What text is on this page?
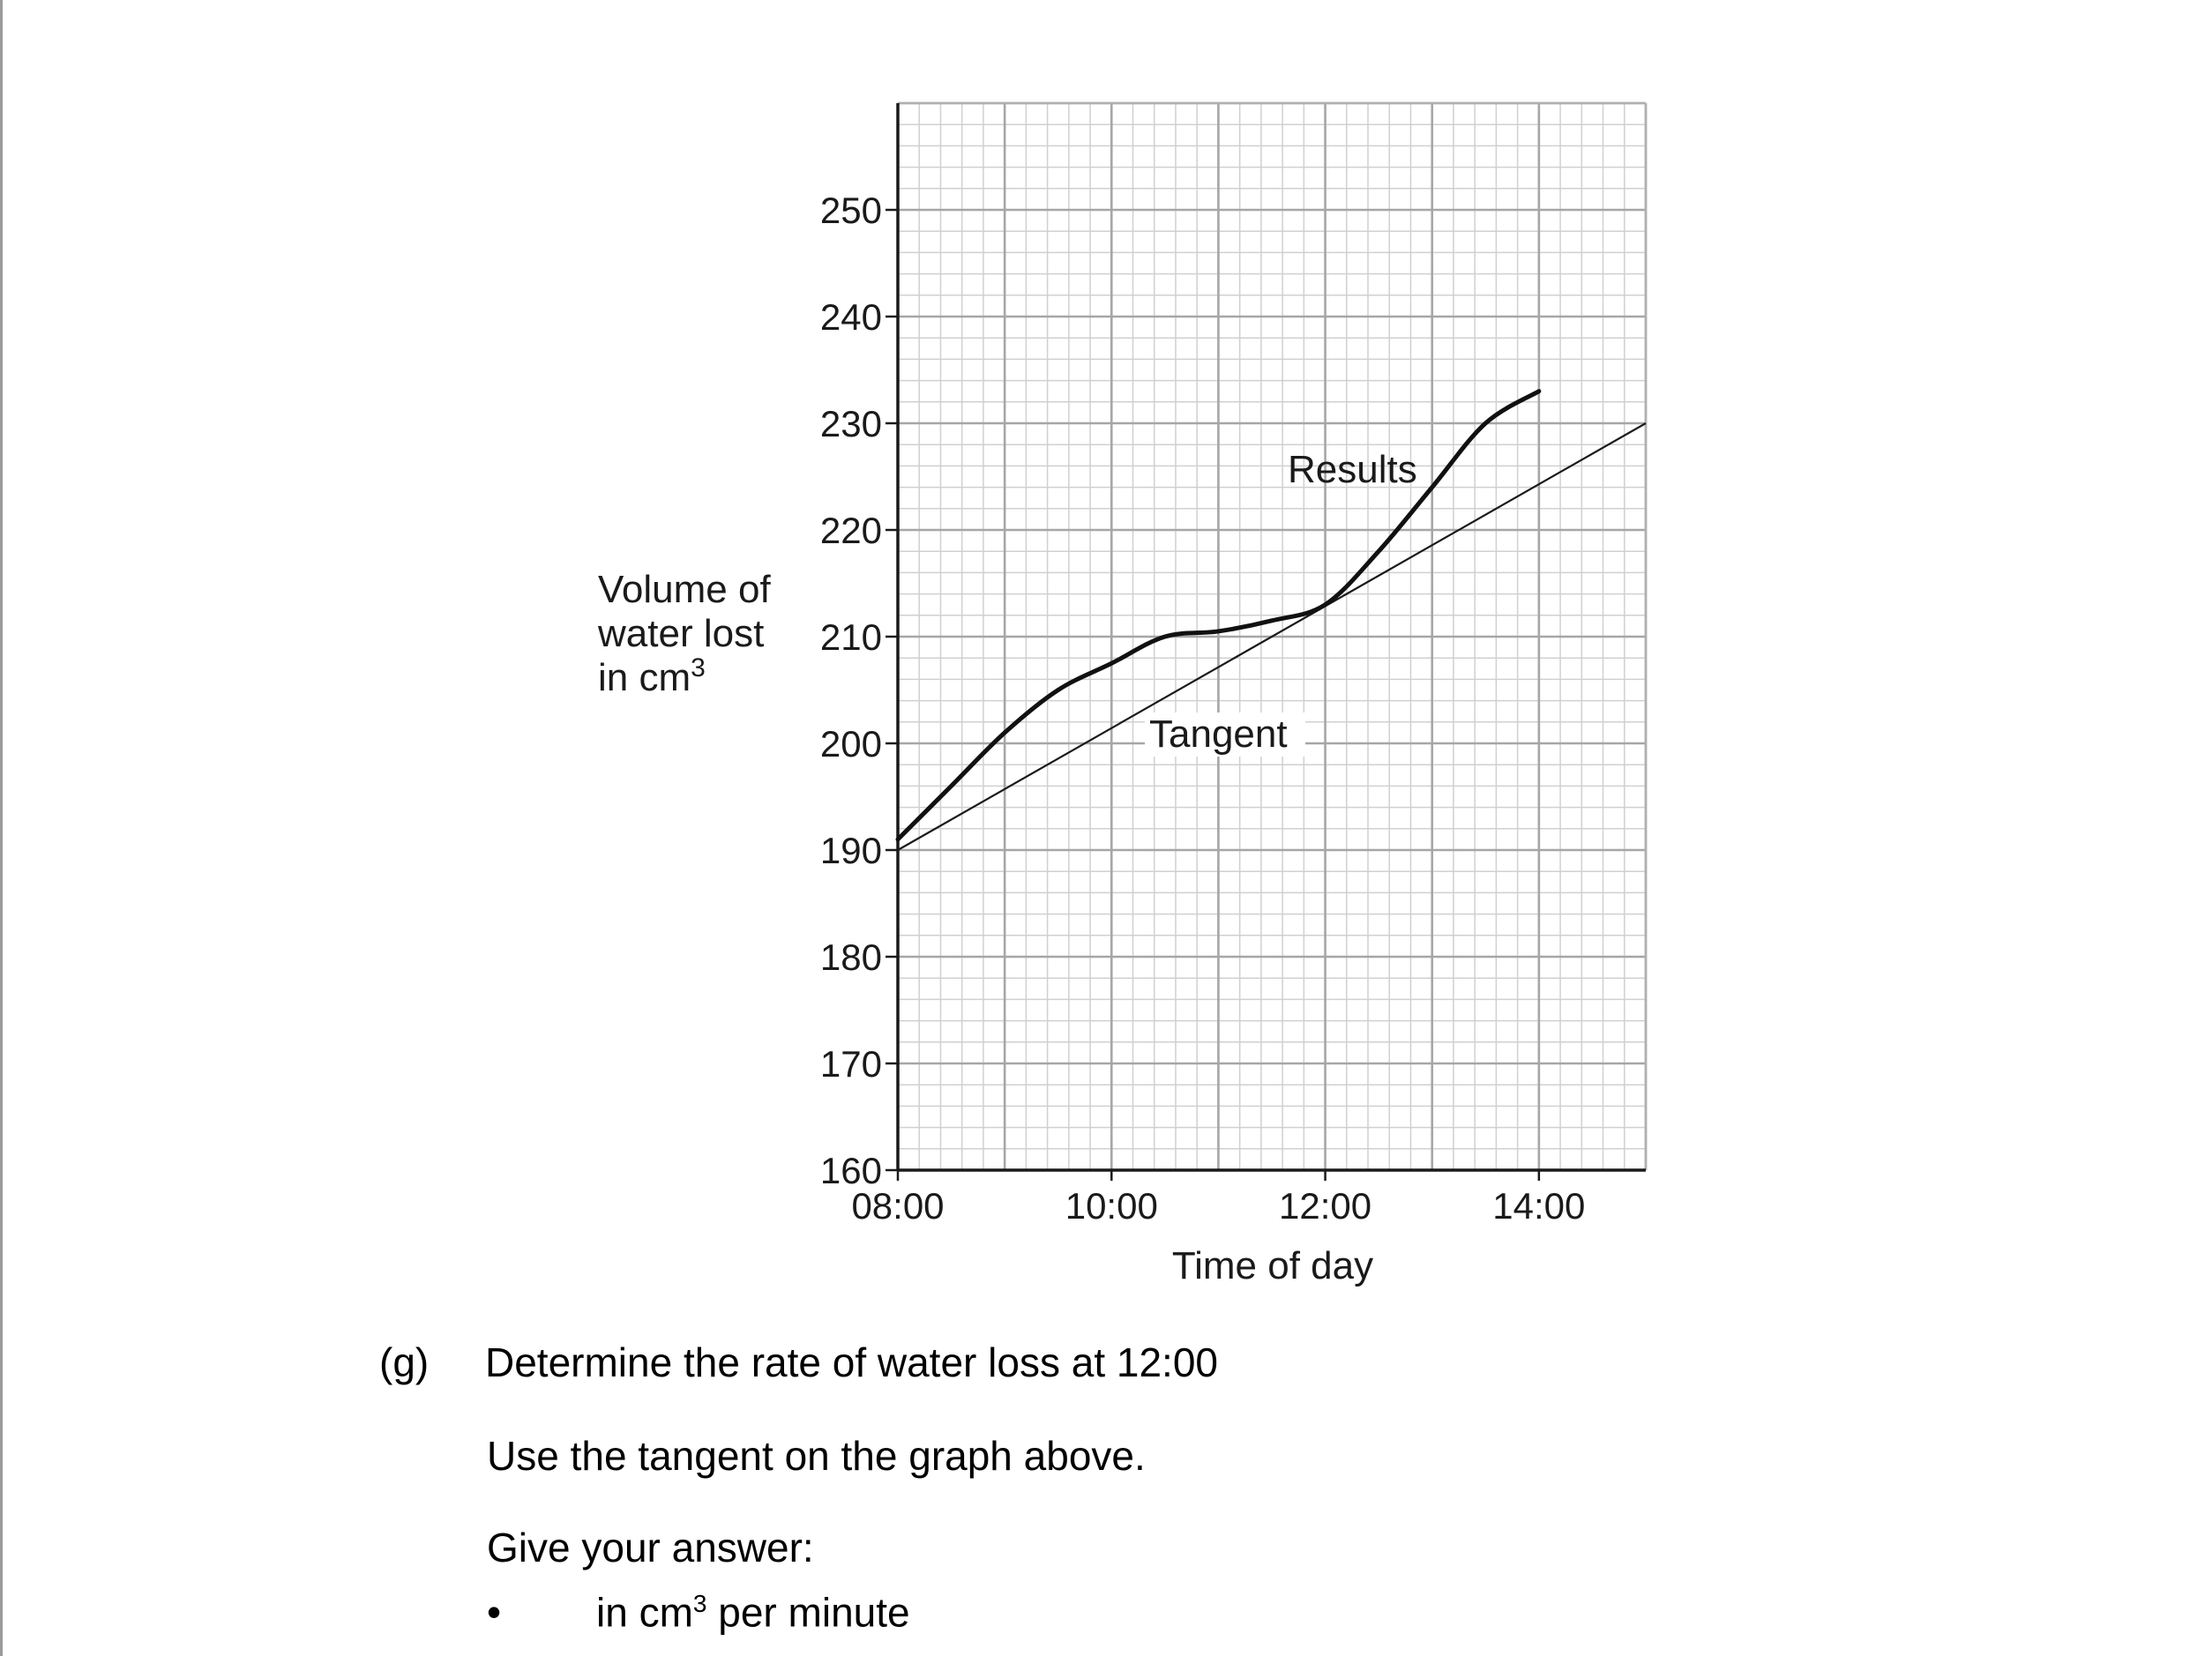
160
170
180
190
200
210
220
230
240
250
08:00	10:00	12:00	14:00
Volume of
water lost
in $cm^3$
Time of day
Results
Tangent
(g) Determine the rate of water loss at 12:00
Use the tangent on the graph above.
Give your answer:
• in $cm^3$ per minute
